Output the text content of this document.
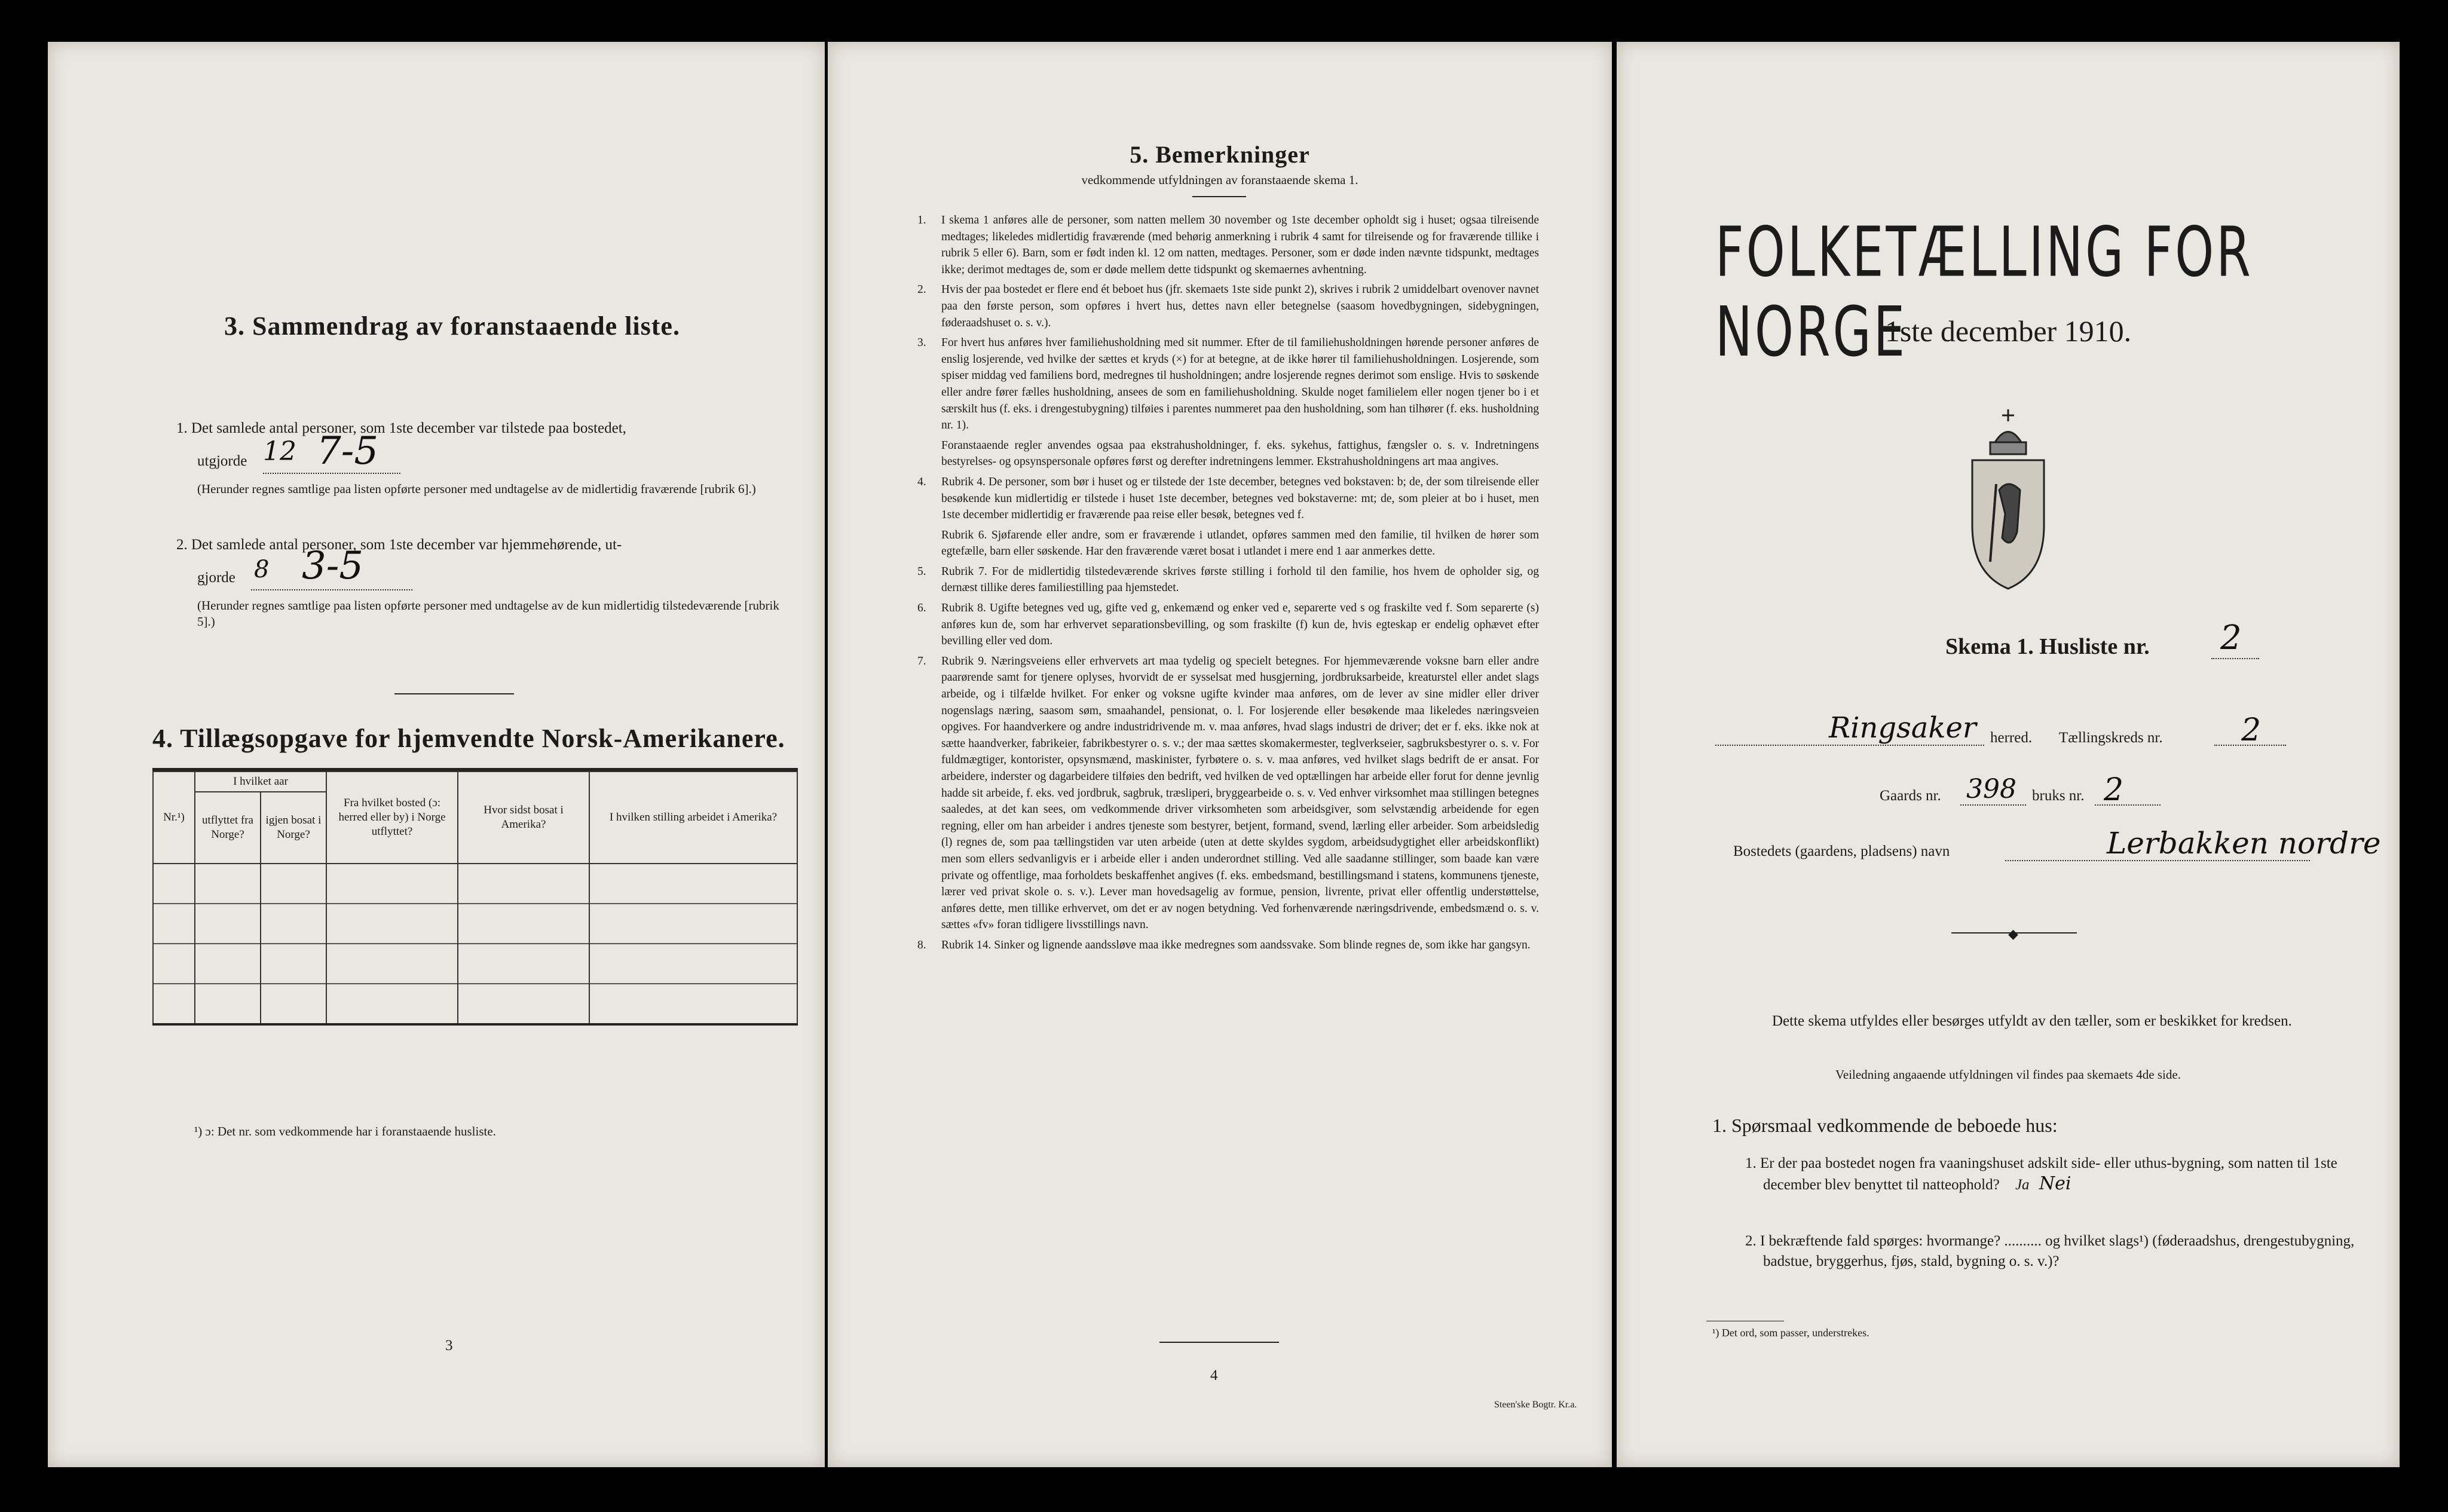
3. Sammendrag av foranstaaende liste.
1. Det samlede antal personer, som 1ste december var tilstede paa bostedet,
utgjorde 12 7-5
(Herunder regnes samtlige paa listen opførte personer med undtagelse av de midlertidig fraværende [rubrik 6].)
2. Det samlede antal personer, som 1ste december var hjemmehørende, ut-
gjorde 8 3-5
(Herunder regnes samtlige paa listen opførte personer med undtagelse av de kun midlertidig tilstedeværende [rubrik 5].)
4. Tillægsopgave for hjemvendte Norsk-Amerikanere.
Nr.¹)	I hvilket aar		Fra hvilket bosted (ɔ: herred eller by) i Norge utflyttet?	Hvor sidst bosat i Amerika?	I hvilken stilling arbeidet i Amerika?
	utflyttet fra Norge?	igjen bosat i Norge?			

¹) ɔ: Det nr. som vedkommende har i foranstaaende husliste.
3
5. Bemerkninger
vedkommende utfyldningen av foranstaaende skema 1.
1. I skema 1 anføres alle de personer, som natten mellem 30 november og 1ste december opholdt sig i huset; ogsaa tilreisende medtages; likeledes midlertidig fraværende (med behørig anmerkning i rubrik 4 samt for tilreisende og for fraværende tillike i rubrik 5 eller 6). Barn, som er født inden kl. 12 om natten, medtages. Personer, som er døde inden nævnte tidspunkt, medtages ikke; derimot medtages de, som er døde mellem dette tidspunkt og skemaernes avhentning.
2. Hvis der paa bostedet er flere end ét beboet hus (jfr. skemaets 1ste side punkt 2), skrives i rubrik 2 umiddelbart ovenover navnet paa den første person, som opføres i hvert hus, dettes navn eller betegnelse (saasom hovedbygningen, sidebygningen, føderaadshuset o. s. v.).
3. For hvert hus anføres hver familiehusholdning med sit nummer. Efter de til familiehusholdningen hørende personer anføres de enslig losjerende, ved hvilke der sættes et kryds (×) for at betegne, at de ikke hører til familiehusholdningen. Losjerende, som spiser middag ved familiens bord, medregnes til husholdningen; andre losjerende regnes derimot som enslige. Hvis to søskende eller andre fører fælles husholdning, ansees de som en familiehusholdning. Skulde noget familielem eller nogen tjener bo i et særskilt hus (f. eks. i drengestubygning) tilføies i parentes nummeret paa den husholdning, som han tilhører (f. eks. husholdning nr. 1).
Foranstaaende regler anvendes ogsaa paa ekstrahusholdninger, f. eks. sykehus, fattighus, fængsler o. s. v. Indretningens bestyrelses- og opsynspersonale opføres først og derefter indretningens lemmer. Ekstrahusholdningens art maa angives.
4. Rubrik 4. De personer, som bør i huset og er tilstede der 1ste december, betegnes ved bokstaven: b; de, der som tilreisende eller besøkende kun midlertidig er tilstede i huset 1ste december, betegnes ved bokstaverne: mt; de, som pleier at bo i huset, men 1ste december midlertidig er fraværende paa reise eller besøk, betegnes ved f.
Rubrik 6. Sjøfarende eller andre, som er fraværende i utlandet, opføres sammen med den familie, til hvilken de hører som egtefælle, barn eller søskende. Har den fraværende været bosat i utlandet i mere end 1 aar anmerkes dette.
5. Rubrik 7. For de midlertidig tilstedeværende skrives første stilling i forhold til den familie, hos hvem de opholder sig, og dernæst tillike deres familiestilling paa hjemstedet.
6. Rubrik 8. Ugifte betegnes ved ug, gifte ved g, enkemænd og enker ved e, separerte ved s og fraskilte ved f. Som separerte (s) anføres kun de, som har erhvervet separationsbevilling, og som fraskilte (f) kun de, hvis egteskap er endelig ophævet efter bevilling eller ved dom.
7. Rubrik 9. Næringsveiens eller erhvervets art maa tydelig og specielt betegnes. For hjemmeværende voksne barn eller andre paarørende samt for tjenere oplyses, hvorvidt de er sysselsat med husgjerning, jordbruksarbeide, kreaturstel eller andet slags arbeide, og i tilfælde hvilket. For enker og voksne ugifte kvinder maa anføres, om de lever av sine midler eller driver nogenslags næring, saasom søm, smaahandel, pensionat, o. l. For losjerende eller besøkende maa likeledes næringsveien opgives. For haandverkere og andre industridrivende m. v. maa anføres, hvad slags industri de driver; det er f. eks. ikke nok at sætte haandverker, fabrikeier, fabrikbestyrer o. s. v.; der maa sættes skomakermester, teglverkseier, sagbruksbestyrer o. s. v. For fuldmægtiger, kontorister, opsynsmænd, maskinister, fyrbøtere o. s. v. maa anføres, ved hvilket slags bedrift de er ansat. For arbeidere, inderster og dagarbeidere tilføies den bedrift, ved hvilken de ved optællingen har arbeide eller forut for denne jevnlig hadde sit arbeide, f. eks. ved jordbruk, sagbruk, træsliperi, bryggearbeide o. s. v. Ved enhver virksomhet maa stillingen betegnes saaledes, at det kan sees, om vedkommende driver virksomheten som arbeidsgiver, som selvstændig arbeidende for egen regning, eller om han arbeider i andres tjeneste som bestyrer, betjent, formand, svend, lærling eller arbeider. Som arbeidsledig (l) regnes de, som paa tællingstiden var uten arbeide (uten at dette skyldes sygdom, arbeidsudygtighet eller arbeidskonflikt) men som ellers sedvanligvis er i arbeide eller i anden underordnet stilling. Ved alle saadanne stillinger, som baade kan være private og offentlige, maa forholdets beskaffenhet angives (f. eks. embedsmand, bestillingsmand i statens, kommunens tjeneste, lærer ved privat skole o. s. v.). Lever man hovedsagelig av formue, pension, livrente, privat eller offentlig understøttelse, anføres dette, men tillike erhvervet, om det er av nogen betydning. Ved forhenværende næringsdrivende, embedsmænd o. s. v. sættes «fv» foran tidligere livsstillings navn.
8. Rubrik 14. Sinker og lignende aandssløve maa ikke medregnes som aandssvake. Som blinde regnes de, som ikke har gangsyn.
4
Steen'ske Bogtr. Kr.a.
FOLKETÆLLING FOR NORGE
1ste december 1910.
Skema 1. Husliste nr. 2
Ringsaker herred. Tællingskreds nr.	2
Gaards nr. 398 bruks nr. 2
Bostedets (gaardens, pladsens) navn	Lerbakken nordre
◆
Dette skema utfyldes eller besørges utfyldt av den tæller, som er beskikket for kredsen.
Veiledning angaaende utfyldningen vil findes paa skemaets 4de side.
1. Spørsmaal vedkommende de beboede hus:
1. Er der paa bostedet nogen fra vaaningshuset adskilt side- eller uthus-bygning, som natten til 1ste december blev benyttet til natteophold? Ja Nei
2. I bekræftende fald spørges: hvormange? .......... og hvilket slags¹) (føderaadshus, drengestubygning, badstue, bryggerhus, fjøs, stald, bygning o. s. v.)?
¹) Det ord, som passer, understrekes.
